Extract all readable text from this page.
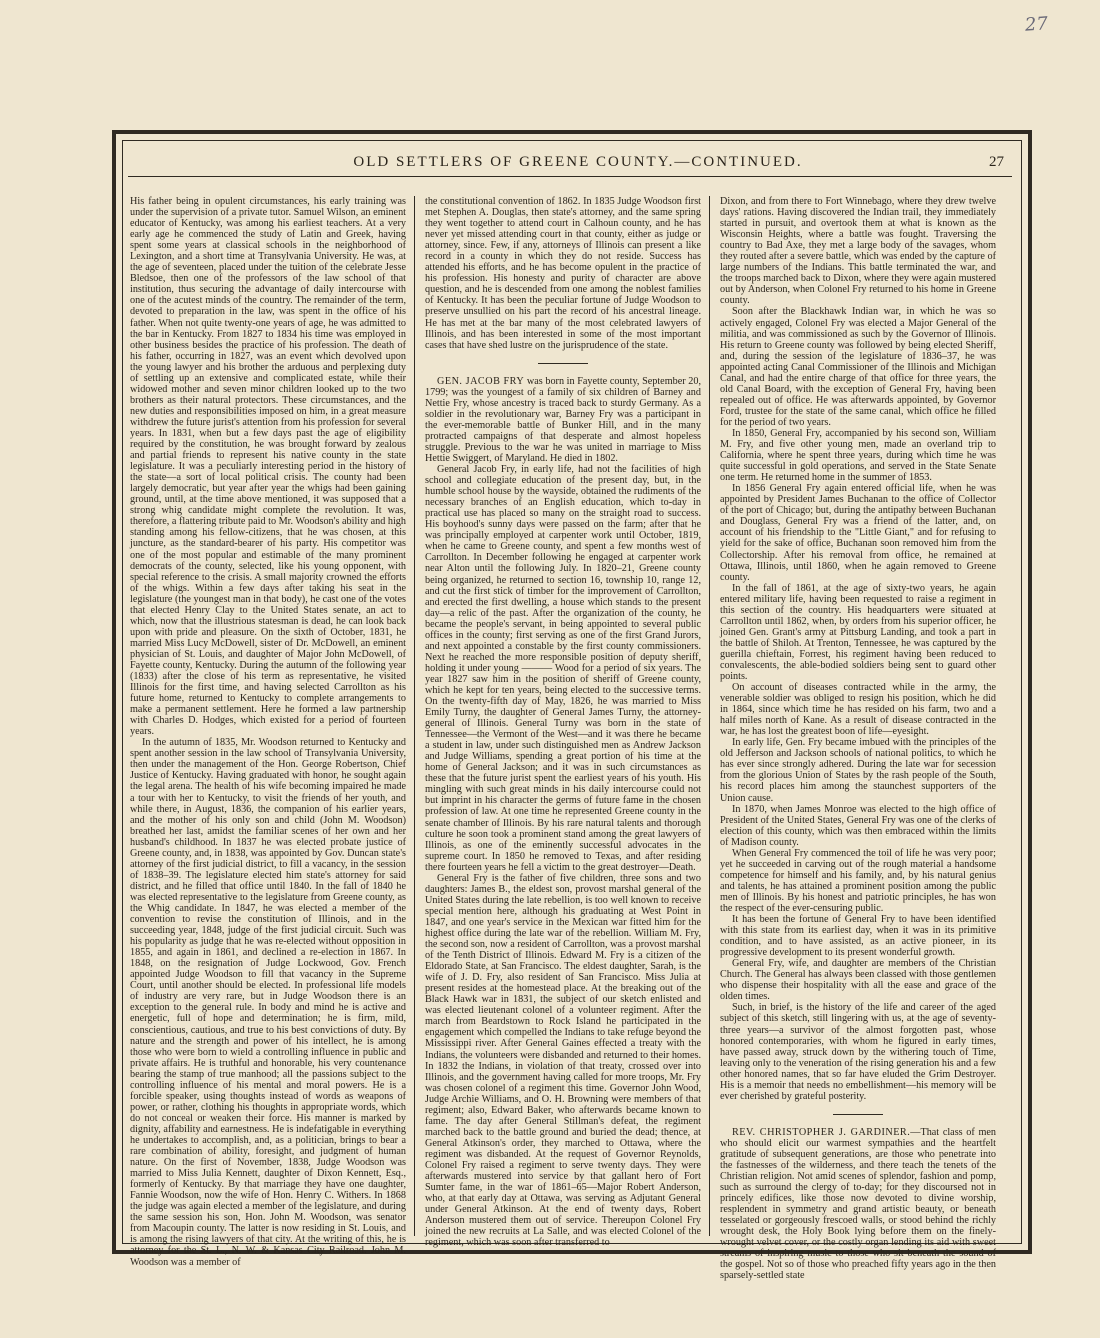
27
OLD SETTLERS OF GREENE COUNTY.—CONTINUED.	27

His father being in opulent circumstances, his early training was under the supervision of a private tutor. Samuel Wilson, an eminent educator of Kentucky, was among his earliest teachers. At a very early age he commenced the study of Latin and Greek, having spent some years at classical schools in the neighborhood of Lexington, and a short time at Transylvania University. He was, at the age of seventeen, placed under the tuition of the celebrate Jesse Bledsoe, then one of the professors of the law school of that institution, thus securing the advantage of daily intercourse with one of the acutest minds of the country. The remainder of the term, devoted to preparation in the law, was spent in the office of his father. When not quite twenty-one years of age, he was admitted to the bar in Kentucky. From 1827 to 1834 his time was employed in other business besides the practice of his profession. The death of his father, occurring in 1827, was an event which devolved upon the young lawyer and his brother the arduous and perplexing duty of settling up an extensive and complicated estate, while their widowed mother and seven minor children looked up to the two brothers as their natural protectors. These circumstances, and the new duties and responsibilities imposed on him, in a great measure withdrew the future jurist's attention from his profession for several years. In 1831, when but a few days past the age of eligibility required by the constitution, he was brought forward by zealous and partial friends to represent his native county in the state legislature. It was a peculiarly interesting period in the history of the state—a sort of local political crisis. The county had been largely democratic, but year after year the whigs had been gaining ground, until, at the time above mentioned, it was supposed that a strong whig candidate might complete the revolution. It was, therefore, a flattering tribute paid to Mr. Woodson's ability and high standing among his fellow-citizens, that he was chosen, at this juncture, as the standard-bearer of his party. His competitor was one of the most popular and estimable of the many prominent democrats of the county, selected, like his young opponent, with special reference to the crisis. A small majority crowned the efforts of the whigs. Within a few days after taking his seat in the legislature (the youngest man in that body), he cast one of the votes that elected Henry Clay to the United States senate, an act to which, now that the illustrious statesman is dead, he can look back upon with pride and pleasure. On the sixth of October, 1831, he married Miss Lucy McDowell, sister of Dr. McDowell, an eminent physician of St. Louis, and daughter of Major John McDowell, of Fayette county, Kentucky. During the autumn of the following year (1833) after the close of his term as representative, he visited Illinois for the first time, and having selected Carrollton as his future home, returned to Kentucky to complete arrangements to make a permanent settlement. Here he formed a law partnership with Charles D. Hodges, which existed for a period of fourteen years.

In the autumn of 1835, Mr. Woodson returned to Kentucky and spent another session in the law school of Transylvania University, then under the management of the Hon. George Robertson, Chief Justice of Kentucky. Having graduated with honor, he sought again the legal arena. The health of his wife becoming impaired he made a tour with her to Kentucky, to visit the friends of her youth, and while there, in August, 1836, the companion of his earlier years, and the mother of his only son and child (John M. Woodson) breathed her last, amidst the familiar scenes of her own and her husband's childhood. In 1837 he was elected probate justice of Greene county, and, in 1838, was appointed by Gov. Duncan state's attorney of the first judicial district, to fill a vacancy, in the session of 1838–39. The legislature elected him state's attorney for said district, and he filled that office until 1840. In the fall of 1840 he was elected representative to the legislature from Greene county, as the Whig candidate. In 1847, he was elected a member of the convention to revise the constitution of Illinois, and in the succeeding year, 1848, judge of the first judicial circuit. Such was his popularity as judge that he was re-elected without opposition in 1855, and again in 1861, and declined a re-election in 1867. In 1848, on the resignation of Judge Lockwood, Gov. French appointed Judge Woodson to fill that vacancy in the Supreme Court, until another should be elected. In professional life models of industry are very rare, but in Judge Woodson there is an exception to the general rule. In body and mind he is active and energetic, full of hope and determination; he is firm, mild, conscientious, cautious, and true to his best convictions of duty. By nature and the strength and power of his intellect, he is among those who were born to wield a controlling influence in public and private affairs. He is truthful and honorable, his very countenance bearing the stamp of true manhood; all the passions subject to the controlling influence of his mental and moral powers. He is a forcible speaker, using thoughts instead of words as weapons of power, or rather, clothing his thoughts in appropriate words, which do not conceal or weaken their force. His manner is marked by dignity, affability and earnestness. He is indefatigable in everything he undertakes to accomplish, and, as a politician, brings to bear a rare combination of ability, foresight, and judgment of human nature. On the first of November, 1838, Judge Woodson was married to Miss Julia Kennett, daughter of Dixon Kennett, Esq., formerly of Kentucky. By that marriage they have one daughter, Fannie Woodson, now the wife of Hon. Henry C. Withers. In 1868 the judge was again elected a member of the legislature, and during the same session his son, Hon. John M. Woodson, was senator from Macoupin county. The latter is now residing in St. Louis, and is among the rising lawyers of that city. At the writing of this, he is attorney for the St. L., N. W. & Kansas City Railroad. John M. Woodson was a member of

the constitutional convention of 1862. In 1835 Judge Woodson first met Stephen A. Douglas, then state's attorney, and the same spring they went together to attend court in Calhoun county, and he has never yet missed attending court in that county, either as judge or attorney, since. Few, if any, attorneys of Illinois can present a like record in a county in which they do not reside. Success has attended his efforts, and he has become opulent in the practice of his profession. His honesty and purity of character are above question, and he is descended from one among the noblest families of Kentucky. It has been the peculiar fortune of Judge Woodson to preserve unsullied on his part the record of his ancestral lineage. He has met at the bar many of the most celebrated lawyers of Illinois, and has been interested in some of the most important cases that have shed lustre on the jurisprudence of the state.

GEN. JACOB FRY was born in Fayette county, September 20, 1799; was the youngest of a family of six children of Barney and Nettie Fry, whose ancestry is traced back to sturdy Germany. As a soldier in the revolutionary war, Barney Fry was a participant in the ever-memorable battle of Bunker Hill, and in the many protracted campaigns of that desperate and almost hopeless struggle. Previous to the war he was united in marriage to Miss Hettie Swiggert, of Maryland. He died in 1802.

General Jacob Fry, in early life, had not the facilities of high school and collegiate education of the present day, but, in the humble school house by the wayside, obtained the rudiments of the necessary branches of an English education, which to-day in practical use has placed so many on the straight road to success. His boyhood's sunny days were passed on the farm; after that he was principally employed at carpenter work until October, 1819, when he came to Greene county, and spent a few months west of Carrollton. In December following he engaged at carpenter work near Alton until the following July. In 1820–21, Greene county being organized, he returned to section 16, township 10, range 12, and cut the first stick of timber for the improvement of Carrollton, and erected the first dwelling, a house which stands to the present day—a relic of the past. After the organization of the county, he became the people's servant, in being appointed to several public offices in the county; first serving as one of the first Grand Jurors, and next appointed a constable by the first county commissioners. Next he reached the more responsible position of deputy sheriff, holding it under young ——— Wood for a period of six years. The year 1827 saw him in the position of sheriff of Greene county, which he kept for ten years, being elected to the successive terms. On the twenty-fifth day of May, 1826, he was married to Miss Emily Turny, the daughter of General James Turny, the attorney-general of Illinois. General Turny was born in the state of Tennessee—the Vermont of the West—and it was there he became a student in law, under such distinguished men as Andrew Jackson and Judge Williams, spending a great portion of his time at the home of General Jackson; and it was in such circumstances as these that the future jurist spent the earliest years of his youth. His mingling with such great minds in his daily intercourse could not but imprint in his character the germs of future fame in the chosen profession of law. At one time he represented Greene county in the senate chamber of Illinois. By his rare natural talents and thorough culture he soon took a prominent stand among the great lawyers of Illinois, as one of the eminently successful advocates in the supreme court. In 1850 he removed to Texas, and after residing there fourteen years he fell a victim to the great destroyer—Death.

General Fry is the father of five children, three sons and two daughters: James B., the eldest son, provost marshal general of the United States during the late rebellion, is too well known to receive special mention here, although his graduating at West Point in 1847, and one year's service in the Mexican war fitted him for the highest office during the late war of the rebellion. William M. Fry, the second son, now a resident of Carrollton, was a provost marshal of the Tenth District of Illinois. Edward M. Fry is a citizen of the Eldorado State, at San Francisco. The eldest daughter, Sarah, is the wife of J. D. Fry, also resident of San Francisco. Miss Julia at present resides at the homestead place. At the breaking out of the Black Hawk war in 1831, the subject of our sketch enlisted and was elected lieutenant colonel of a volunteer regiment. After the march from Beardstown to Rock Island he participated in the engagement which compelled the Indians to take refuge beyond the Mississippi river. After General Gaines effected a treaty with the Indians, the volunteers were disbanded and returned to their homes. In 1832 the Indians, in violation of that treaty, crossed over into Illinois, and the government having called for more troops, Mr. Fry was chosen colonel of a regiment this time. Governor John Wood, Judge Archie Williams, and O. H. Browning were members of that regiment; also, Edward Baker, who afterwards became known to fame. The day after General Stillman's defeat, the regiment marched back to the battle ground and buried the dead; thence, at General Atkinson's order, they marched to Ottawa, where the regiment was disbanded. At the request of Governor Reynolds, Colonel Fry raised a regiment to serve twenty days. They were afterwards mustered into service by that gallant hero of Fort Sumter fame, in the war of 1861–65—Major Robert Anderson, who, at that early day at Ottawa, was serving as Adjutant General under General Atkinson. At the end of twenty days, Robert Anderson mustered them out of service. Thereupon Colonel Fry joined the new recruits at La Salle, and was elected Colonel of the regiment, which was soon after transferred to

Dixon, and from there to Fort Winnebago, where they drew twelve days' rations. Having discovered the Indian trail, they immediately started in pursuit, and overtook them at what is known as the Wisconsin Heights, where a battle was fought. Traversing the country to Bad Axe, they met a large body of the savages, whom they routed after a severe battle, which was ended by the capture of large numbers of the Indians. This battle terminated the war, and the troops marched back to Dixon, where they were again mustered out by Anderson, when Colonel Fry returned to his home in Greene county.

Soon after the Blackhawk Indian war, in which he was so actively engaged, Colonel Fry was elected a Major General of the militia, and was commissioned as such by the Governor of Illinois. His return to Greene county was followed by being elected Sheriff, and, during the session of the legislature of 1836–37, he was appointed acting Canal Commissioner of the Illinois and Michigan Canal, and had the entire charge of that office for three years, the old Canal Board, with the exception of General Fry, having been repealed out of office. He was afterwards appointed, by Governor Ford, trustee for the state of the same canal, which office he filled for the period of two years.

In 1850, General Fry, accompanied by his second son, William M. Fry, and five other young men, made an overland trip to California, where he spent three years, during which time he was quite successful in gold operations, and served in the State Senate one term. He returned home in the summer of 1853.

In 1856 General Fry again entered official life, when he was appointed by President James Buchanan to the office of Collector of the port of Chicago; but, during the antipathy between Buchanan and Douglass, General Fry was a friend of the latter, and, on account of his friendship to the "Little Giant," and for refusing to yield for the sake of office, Buchanan soon removed him from the Collectorship. After his removal from office, he remained at Ottawa, Illinois, until 1860, when he again removed to Greene county.

In the fall of 1861, at the age of sixty-two years, he again entered military life, having been requested to raise a regiment in this section of the country. His headquarters were situated at Carrollton until 1862, when, by orders from his superior officer, he joined Gen. Grant's army at Pittsburg Landing, and took a part in the battle of Shiloh. At Trenton, Tennessee, he was captured by the guerilla chieftain, Forrest, his regiment having been reduced to convalescents, the able-bodied soldiers being sent to guard other points.

On account of diseases contracted while in the army, the venerable soldier was obliged to resign his position, which he did in 1864, since which time he has resided on his farm, two and a half miles north of Kane. As a result of disease contracted in the war, he has lost the greatest boon of life—eyesight.

In early life, Gen. Fry became imbued with the principles of the old Jefferson and Jackson schools of national politics, to which he has ever since strongly adhered. During the late war for secession from the glorious Union of States by the rash people of the South, his record places him among the staunchest supporters of the Union cause.

In 1870, when James Monroe was elected to the high office of President of the United States, General Fry was one of the clerks of election of this county, which was then embraced within the limits of Madison county.

When General Fry commenced the toil of life he was very poor; yet he succeeded in carving out of the rough material a handsome competence for himself and his family, and, by his natural genius and talents, he has attained a prominent position among the public men of Illinois. By his honest and patriotic principles, he has won the respect of the ever-censuring public.

It has been the fortune of General Fry to have been identified with this state from its earliest day, when it was in its primitive condition, and to have assisted, as an active pioneer, in its progressive development to its present wonderful growth.

General Fry, wife, and daughter are members of the Christian Church. The General has always been classed with those gentlemen who dispense their hospitality with all the ease and grace of the olden times.

Such, in brief, is the history of the life and career of the aged subject of this sketch, still lingering with us, at the age of seventy-three years—a survivor of the almost forgotten past, whose honored contemporaries, with whom he figured in early times, have passed away, struck down by the withering touch of Time, leaving only to the veneration of the rising generation his and a few other honored names, that so far have eluded the Grim Destroyer. His is a memoir that needs no embellishment—his memory will be ever cherished by grateful posterity.

REV. CHRISTOPHER J. GARDINER.—That class of men who should elicit our warmest sympathies and the heartfelt gratitude of subsequent generations, are those who penetrate into the fastnesses of the wilderness, and there teach the tenets of the Christian religion. Not amid scenes of splendor, fashion and pomp, such as surround the clergy of to-day; for they discoursed not in princely edifices, like those now devoted to divine worship, resplendent in symmetry and grand artistic beauty, or beneath tesselated or gorgeously frescoed walls, or stood behind the richly wrought desk, the Holy Book lying before them on the finely-wrought velvet cover, or the costly organ lending its aid with sweet streams of inspiring music to those who sit beneath the sound of the gospel. Not so of those who preached fifty years ago in the then sparsely-settled state
